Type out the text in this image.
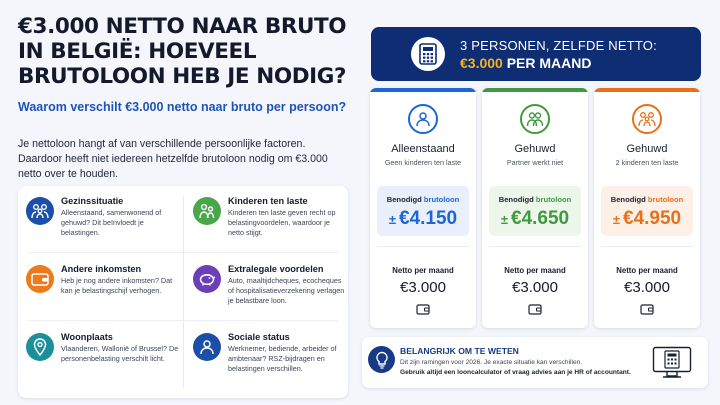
€3.000 NETTO NAAR BRUTO
IN BELGIË: HOEVEEL
BRUTOLOON HEB JE NODIG?
Waarom verschilt €3.000 netto naar bruto per persoon?
Je nettoloon hangt af van verschillende persoonlijke factoren. Daardoor heeft niet iedereen hetzelfde brutoloon nodig om €3.000 netto over te houden.
Gezinssituatie
Alleenstaand, samenwonend of gehuwd? Dit beïnvloedt je belastingen.
Kinderen ten laste
Kinderen ten laste geven recht op belastingvoordelen, waardoor je netto stijgt.
Andere inkomsten
Heb je nog andere inkomsten? Dat kan je belastingschijf verhogen.
Extralegale voordelen
Auto, maaltijdcheques, ecocheques of hospitalisatieverzekering verlagen je belastbare loon.
Woonplaats
Vlaanderen, Wallonië of Brussel? De personenbelasting verschilt licht.
Sociale status
Werknemer, bediende, arbeider of ambtenaar? RSZ-bijdragen en belastingen verschillen.
3 PERSONEN, ZELFDE NETTO:
€3.000 PER MAAND
Alleenstaand
Geen kinderen ten laste
Benodigd brutoloon
± €4.150
Netto per maand
€3.000
Gehuwd
Partner werkt niet
Benodigd brutoloon
± €4.650
Netto per maand
€3.000
Gehuwd
2 kinderen ten laste
Benodigd brutoloon
± €4.950
Netto per maand
€3.000
BELANGRIJK OM TE WETEN
Dit zijn ramingen voor 2026. Je exacte situatie kan verschillen.
Gebruik altijd een looncalculator of vraag advies aan je HR of accountant.
